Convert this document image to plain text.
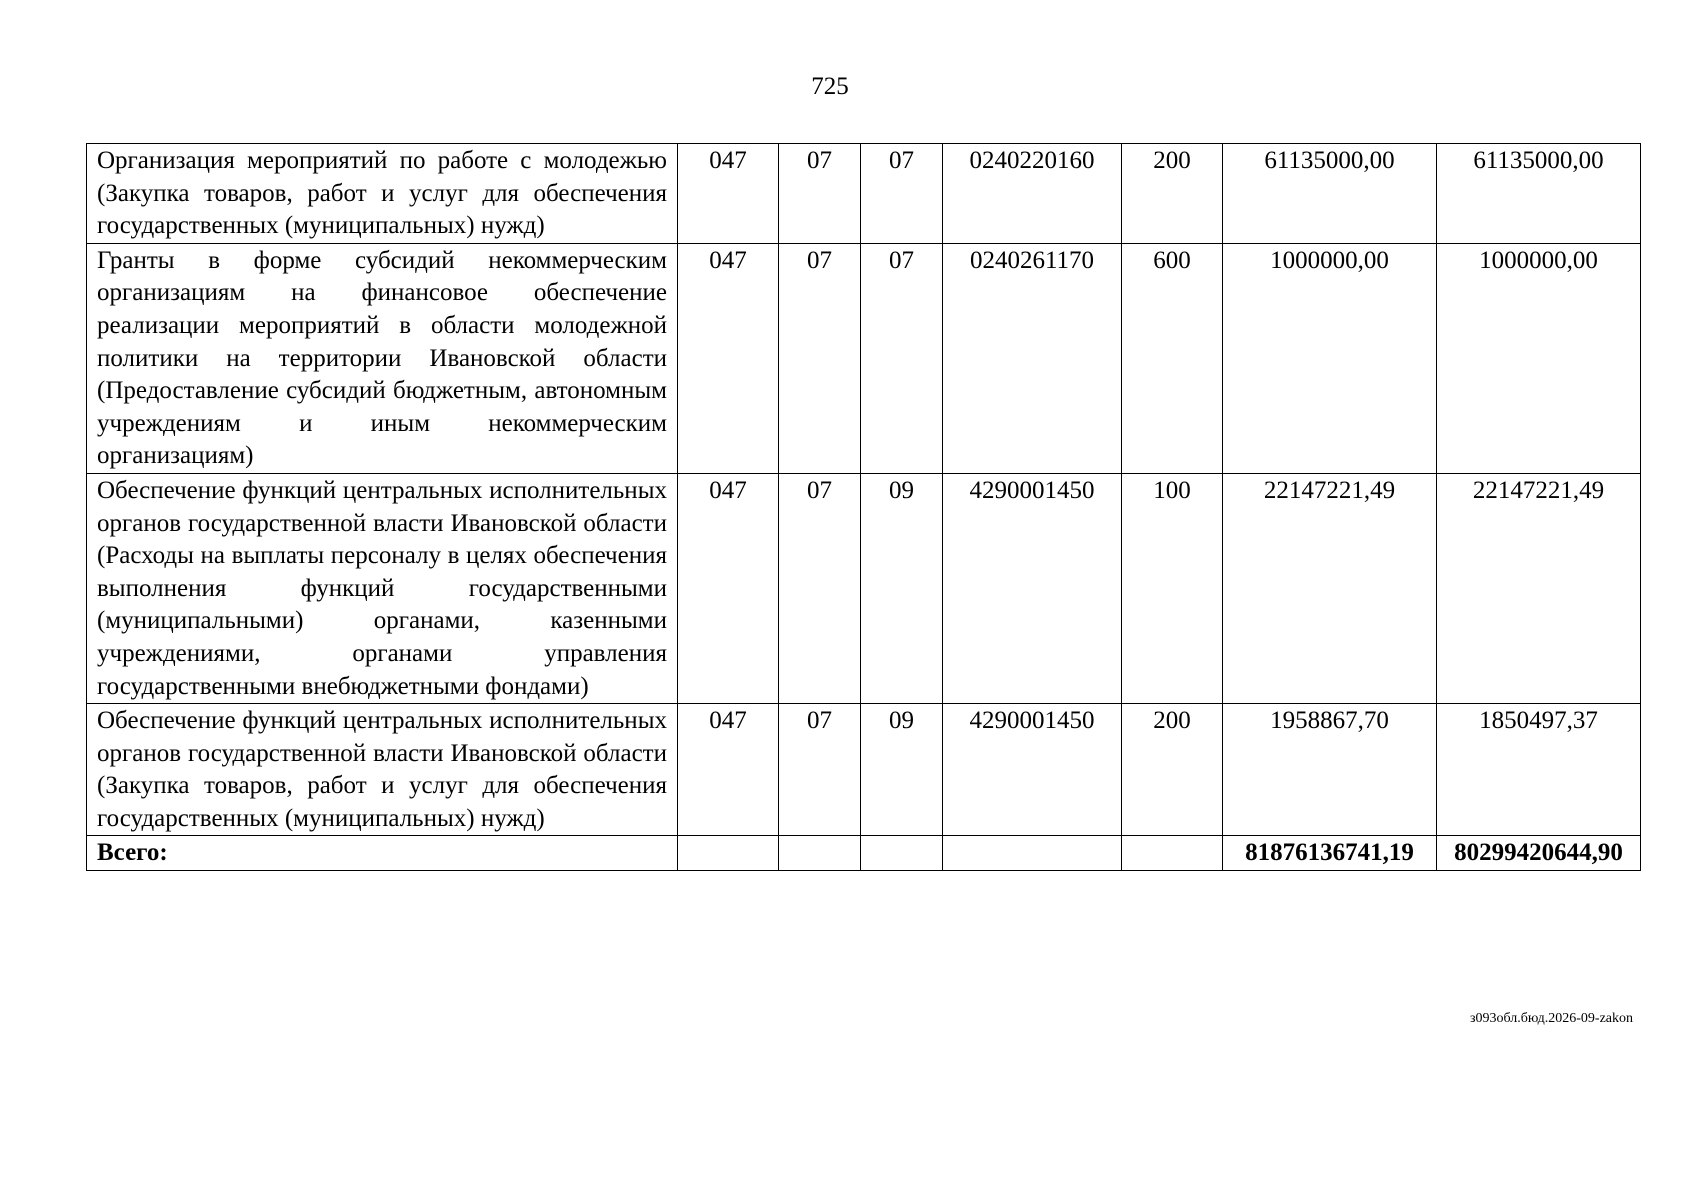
725
Организация мероприятий по работе с молодежью (Закупка товаров, работ и услуг для обеспечения государственных (муниципальных) нужд)	047	07	07	0240220160	200	61135000,00	61135000,00
Гранты в форме субсидий некоммерческим организациям на финансовое обеспечение реализации мероприятий в области молодежной политики на территории Ивановской области (Предоставление субсидий бюджетным, автономным учреждениям и иным некоммерческим организациям)	047	07	07	0240261170	600	1000000,00	1000000,00
Обеспечение функций центральных исполнительных органов государственной власти Ивановской области (Расходы на выплаты персоналу в целях обеспечения выполнения функций государственными (муниципальными) органами, казенными учреждениями, органами управления государственными внебюджетными фондами)	047	07	09	4290001450	100	22147221,49	22147221,49
Обеспечение функций центральных исполнительных органов государственной власти Ивановской области (Закупка товаров, работ и услуг для обеспечения государственных (муниципальных) нужд)	047	07	09	4290001450	200	1958867,70	1850497,37
Всего:						81876136741,19	80299420644,90
з093обл.бюд.2026-09-zakon
